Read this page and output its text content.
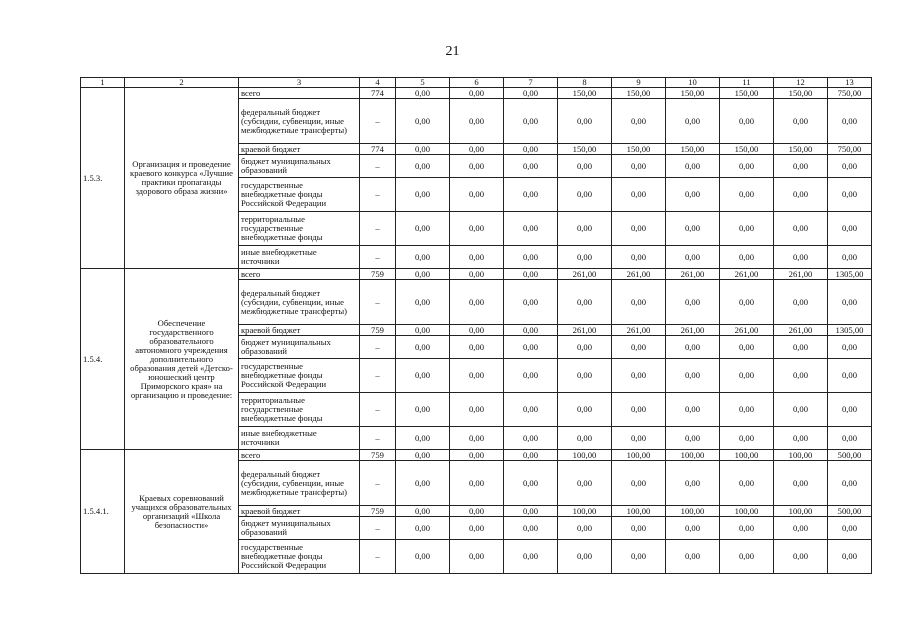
21
1	2	3	4	5	6	7	8	9	10	11	12	13
1.5.3.	Организация и проведение краевого конкурса «Лучшие практики пропаганды здорового образа жизни»	всего	774	0,00	0,00	0,00	150,00	150,00	150,00	150,00	150,00	750,00
		федеральный бюджет (субсидии, субвенции, иные межбюджетные трансферты)	–	0,00	0,00	0,00	0,00	0,00	0,00	0,00	0,00	0,00
		краевой бюджет	774	0,00	0,00	0,00	150,00	150,00	150,00	150,00	150,00	750,00
		бюджет муниципальных образований	–	0,00	0,00	0,00	0,00	0,00	0,00	0,00	0,00	0,00
		государственные внебюджетные фонды Российской Федерации	–	0,00	0,00	0,00	0,00	0,00	0,00	0,00	0,00	0,00
		территориальные государственные внебюджетные фонды	–	0,00	0,00	0,00	0,00	0,00	0,00	0,00	0,00	0,00
		иные внебюджетные источники	–	0,00	0,00	0,00	0,00	0,00	0,00	0,00	0,00	0,00
1.5.4.	Обеспечение государственного образовательного автономного учреждения дополнительного образования детей «Детско-юношеский центр Приморского края» на организацию и проведение:	всего	759	0,00	0,00	0,00	261,00	261,00	261,00	261,00	261,00	1305,00
		федеральный бюджет (субсидии, субвенции, иные межбюджетные трансферты)	–	0,00	0,00	0,00	0,00	0,00	0,00	0,00	0,00	0,00
		краевой бюджет	759	0,00	0,00	0,00	261,00	261,00	261,00	261,00	261,00	1305,00
		бюджет муниципальных образований	–	0,00	0,00	0,00	0,00	0,00	0,00	0,00	0,00	0,00
		государственные внебюджетные фонды Российской Федерации	–	0,00	0,00	0,00	0,00	0,00	0,00	0,00	0,00	0,00
		территориальные государственные внебюджетные фонды	–	0,00	0,00	0,00	0,00	0,00	0,00	0,00	0,00	0,00
		иные внебюджетные источники	–	0,00	0,00	0,00	0,00	0,00	0,00	0,00	0,00	0,00
1.5.4.1.	Краевых соревнований учащихся образовательных организаций «Школа безопасности»	всего	759	0,00	0,00	0,00	100,00	100,00	100,00	100,00	100,00	500,00
		федеральный бюджет (субсидии, субвенции, иные межбюджетные трансферты)	–	0,00	0,00	0,00	0,00	0,00	0,00	0,00	0,00	0,00
		краевой бюджет	759	0,00	0,00	0,00	100,00	100,00	100,00	100,00	100,00	500,00
		бюджет муниципальных образований	–	0,00	0,00	0,00	0,00	0,00	0,00	0,00	0,00	0,00
		государственные внебюджетные фонды Российской Федерации	–	0,00	0,00	0,00	0,00	0,00	0,00	0,00	0,00	0,00
